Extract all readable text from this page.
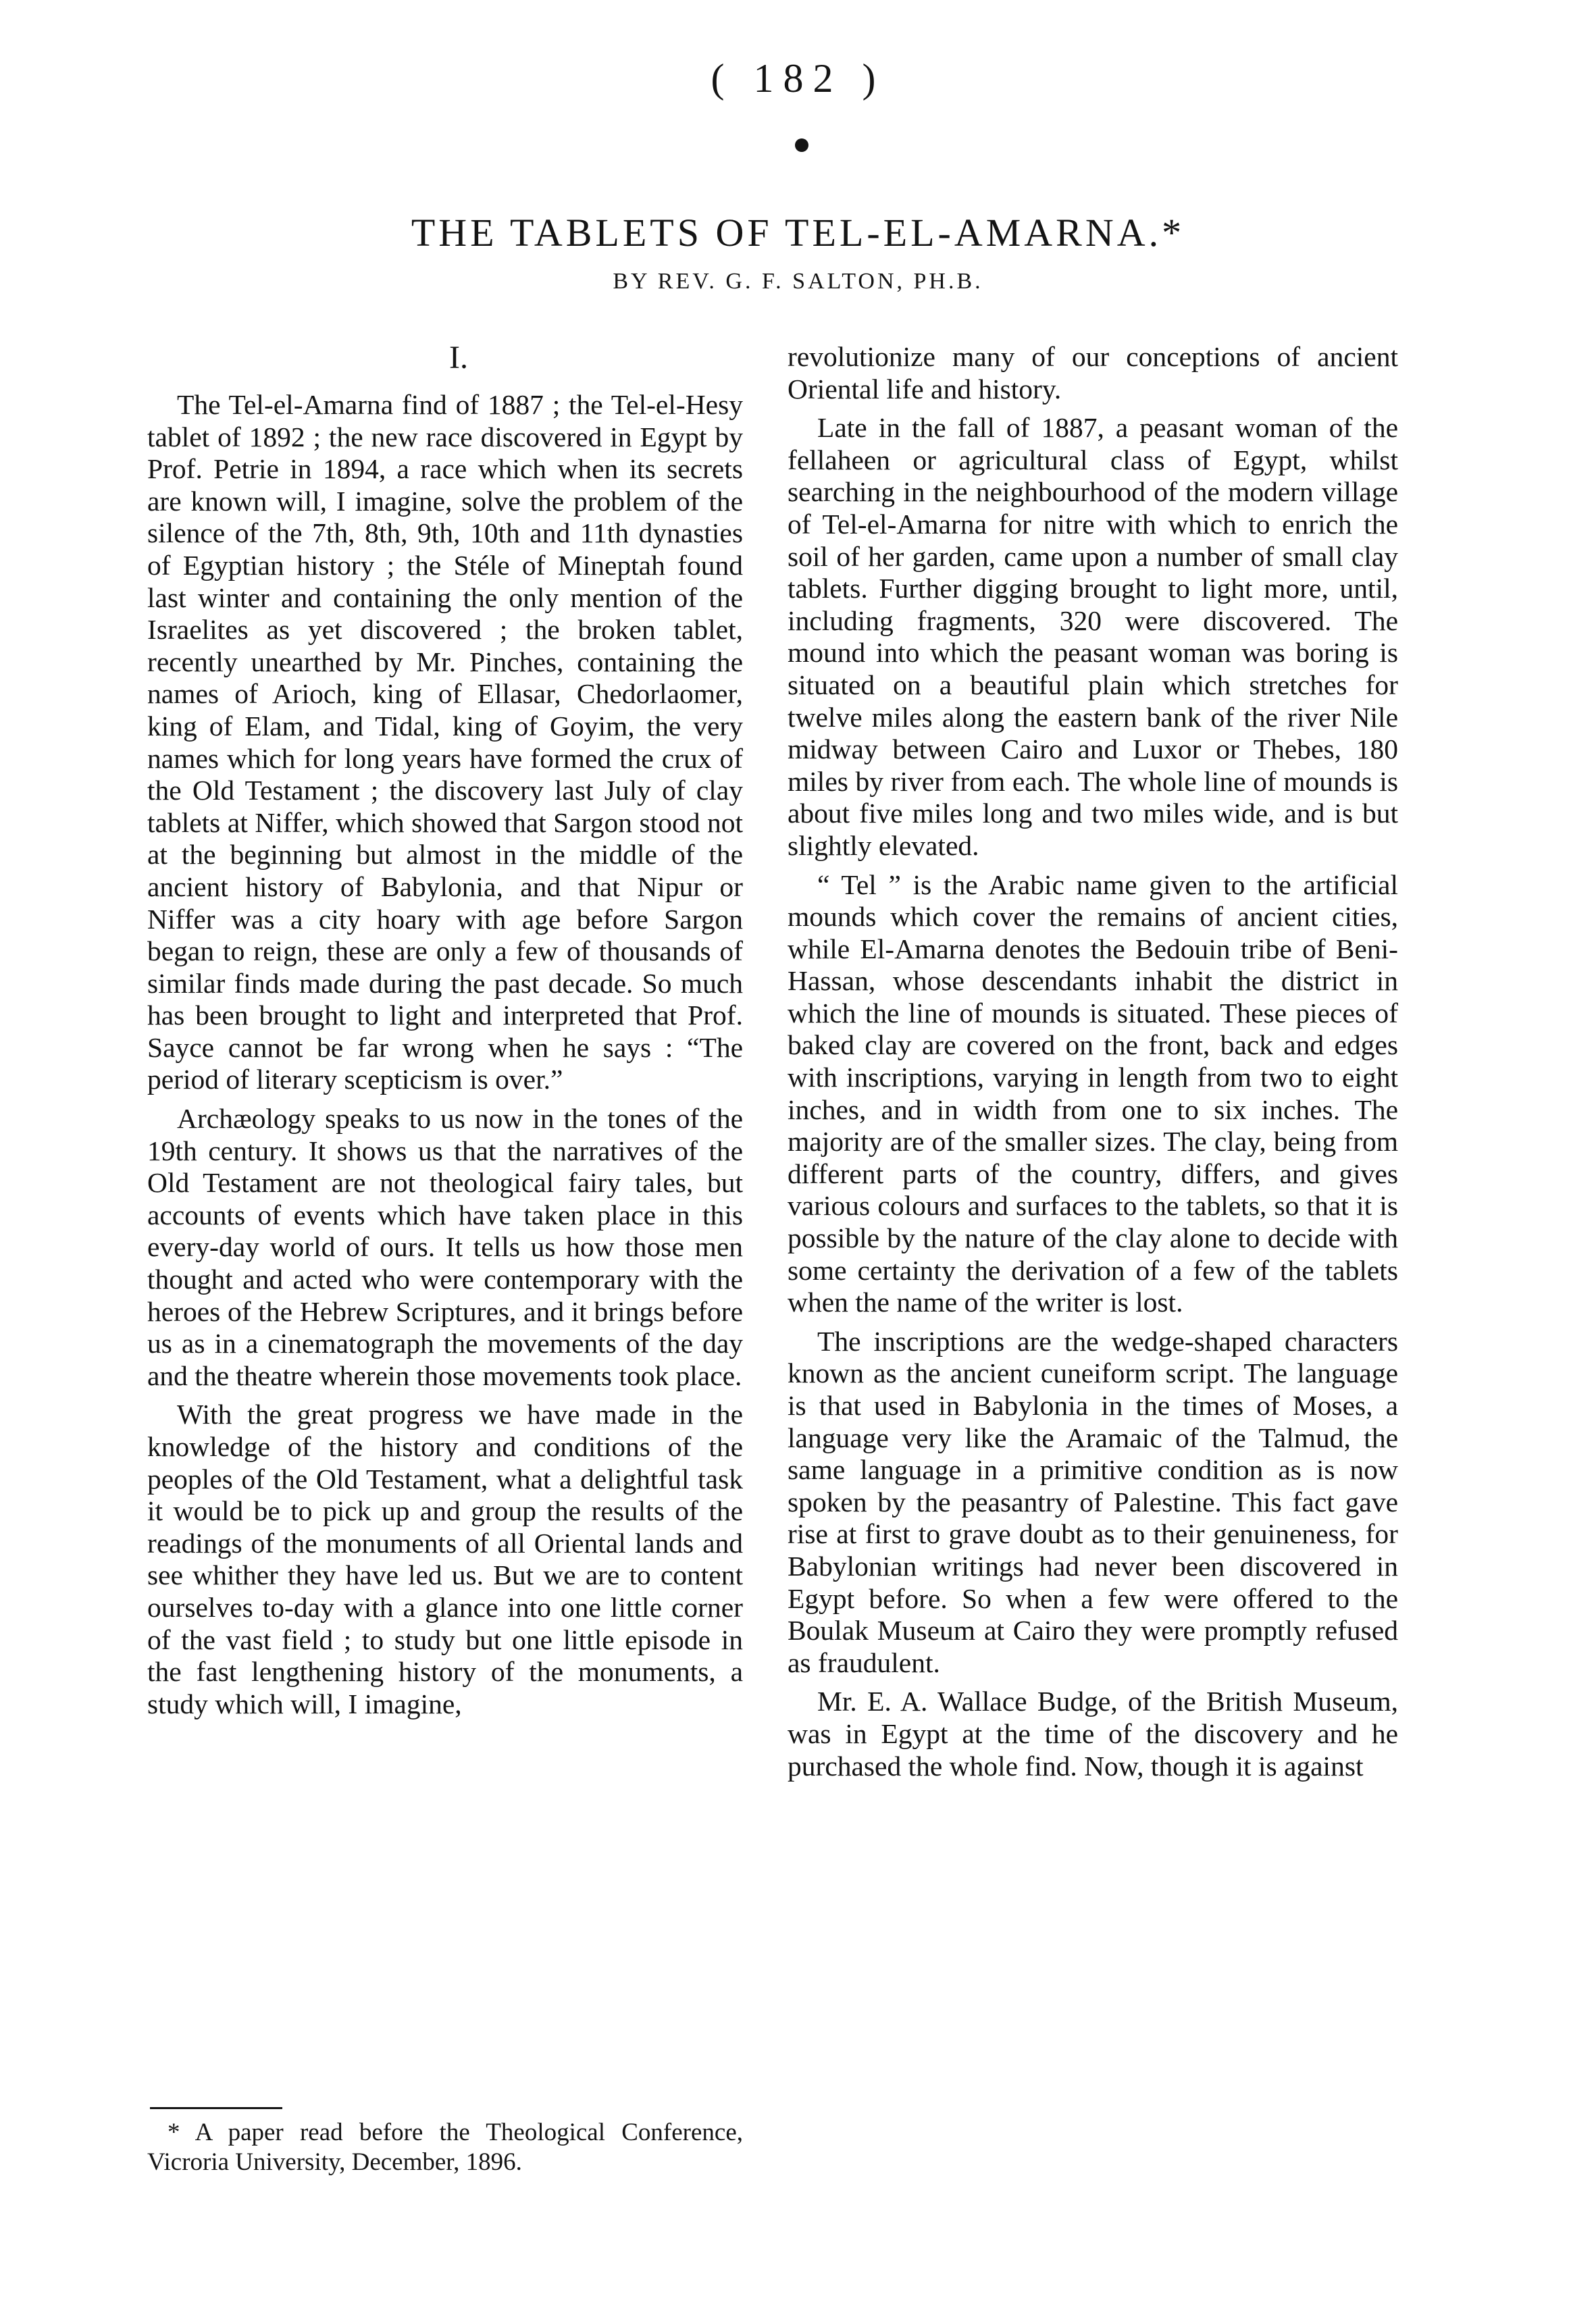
( 182 )
THE TABLETS OF TEL-EL-AMARNA.*
BY REV. G. F. SALTON, PH.B.
I.

The Tel-el-Amarna find of 1887 ; the Tel-el-Hesy tablet of 1892 ; the new race discovered in Egypt by Prof. Petrie in 1894, a race which when its secrets are known will, I imagine, solve the problem of the silence of the 7th, 8th, 9th, 10th and 11th dynasties of Egyptian history ; the Stéle of Mineptah found last winter and containing the only mention of the Israelites as yet discovered ; the broken tablet, recently unearthed by Mr. Pinches, containing the names of Arioch, king of Ellasar, Chedorlaomer, king of Elam, and Tidal, king of Goyim, the very names which for long years have formed the crux of the Old Testament ; the discovery last July of clay tablets at Niffer, which showed that Sargon stood not at the beginning but almost in the middle of the ancient history of Babylonia, and that Nipur or Niffer was a city hoary with age before Sargon began to reign, these are only a few of thousands of similar finds made during the past decade. So much has been brought to light and interpreted that Prof. Sayce cannot be far wrong when he says : “The period of literary scepticism is over.”

Archæology speaks to us now in the tones of the 19th century. It shows us that the narratives of the Old Testament are not theological fairy tales, but accounts of events which have taken place in this every-day world of ours. It tells us how those men thought and acted who were contemporary with the heroes of the Hebrew Scriptures, and it brings before us as in a cinematograph the movements of the day and the theatre wherein those movements took place.

With the great progress we have made in the knowledge of the history and conditions of the peoples of the Old Testament, what a delightful task it would be to pick up and group the results of the readings of the monuments of all Oriental lands and see whither they have led us. But we are to content ourselves to-day with a glance into one little corner of the vast field ; to study but one little episode in the fast lengthening history of the monuments, a study which will, I imagine,

revolutionize many of our conceptions of ancient Oriental life and history.

Late in the fall of 1887, a peasant woman of the fellaheen or agricultural class of Egypt, whilst searching in the neighbourhood of the modern village of Tel-el-Amarna for nitre with which to enrich the soil of her garden, came upon a number of small clay tablets. Further digging brought to light more, until, including fragments, 320 were discovered. The mound into which the peasant woman was boring is situated on a beautiful plain which stretches for twelve miles along the eastern bank of the river Nile midway between Cairo and Luxor or Thebes, 180 miles by river from each. The whole line of mounds is about five miles long and two miles wide, and is but slightly elevated.

“ Tel ” is the Arabic name given to the artificial mounds which cover the remains of ancient cities, while El-Amarna denotes the Bedouin tribe of Beni-Hassan, whose descendants inhabit the district in which the line of mounds is situated. These pieces of baked clay are covered on the front, back and edges with inscriptions, varying in length from two to eight inches, and in width from one to six inches. The majority are of the smaller sizes. The clay, being from different parts of the country, differs, and gives various colours and surfaces to the tablets, so that it is possible by the nature of the clay alone to decide with some certainty the derivation of a few of the tablets when the name of the writer is lost.

The inscriptions are the wedge-shaped characters known as the ancient cuneiform script. The language is that used in Babylonia in the times of Moses, a language very like the Aramaic of the Talmud, the same language in a primitive condition as is now spoken by the peasantry of Palestine. This fact gave rise at first to grave doubt as to their genuineness, for Babylonian writings had never been discovered in Egypt before. So when a few were offered to the Boulak Museum at Cairo they were promptly refused as fraudulent.

Mr. E. A. Wallace Budge, of the British Museum, was in Egypt at the time of the discovery and he purchased the whole find. Now, though it is against

* A paper read before the Theological Conference, Vicroria University, December, 1896.
